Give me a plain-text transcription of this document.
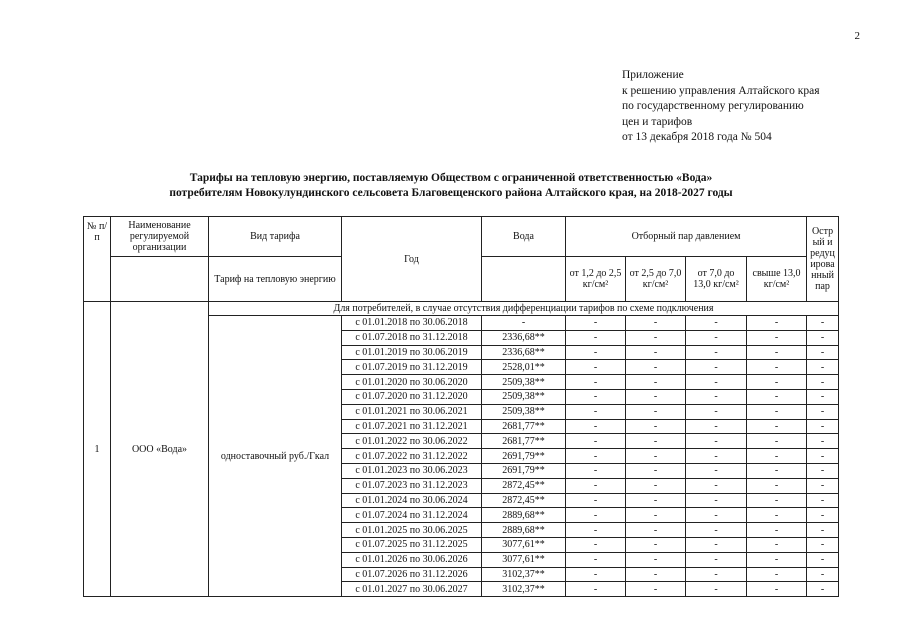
2
Приложение
к решению управления Алтайского края
по государственному регулированию
цен и тарифов
от 13 декабря 2018 года № 504
Тарифы на тепловую энергию, поставляемую Обществом с ограниченной ответственностью «Вода»
потребителям Новокулундинского сельсовета Благовещенского района Алтайского края, на 2018-2027 годы
№ п/п	Наименование регулируемой организации	Вид тарифа	Год	Вода	Отборный пар давлением				Острый и редуцированный пар
		Тариф на тепловую энергию			от 1,2 до 2,5 кг/см²	от 2,5 до 7,0 кг/см²	от 7,0 до 13,0 кг/см²	свыше 13,0 кг/см²	
1	ООО «Вода»	Для потребителей, в случае отсутствия дифференциации тарифов по схеме подключения							
		одноставочный руб./Гкал	с 01.01.2018 по 30.06.2018	-	-	-	-	-	-
			с 01.07.2018 по 31.12.2018	2336,68**	-	-	-	-	-
			с 01.01.2019 по 30.06.2019	2336,68**	-	-	-	-	-
			с 01.07.2019 по 31.12.2019	2528,01**	-	-	-	-	-
			с 01.01.2020 по 30.06.2020	2509,38**	-	-	-	-	-
			с 01.07.2020 по 31.12.2020	2509,38**	-	-	-	-	-
			с 01.01.2021 по 30.06.2021	2509,38**	-	-	-	-	-
			с 01.07.2021 по 31.12.2021	2681,77**	-	-	-	-	-
			с 01.01.2022 по 30.06.2022	2681,77**	-	-	-	-	-
			с 01.07.2022 по 31.12.2022	2691,79**	-	-	-	-	-
			с 01.01.2023 по 30.06.2023	2691,79**	-	-	-	-	-
			с 01.07.2023 по 31.12.2023	2872,45**	-	-	-	-	-
			с 01.01.2024 по 30.06.2024	2872,45**	-	-	-	-	-
			с 01.07.2024 по 31.12.2024	2889,68**	-	-	-	-	-
			с 01.01.2025 по 30.06.2025	2889,68**	-	-	-	-	-
			с 01.07.2025 по 31.12.2025	3077,61**	-	-	-	-	-
			с 01.01.2026 по 30.06.2026	3077,61**	-	-	-	-	-
			с 01.07.2026 по 31.12.2026	3102,37**	-	-	-	-	-
			с 01.01.2027 по 30.06.2027	3102,37**	-	-	-	-	-
